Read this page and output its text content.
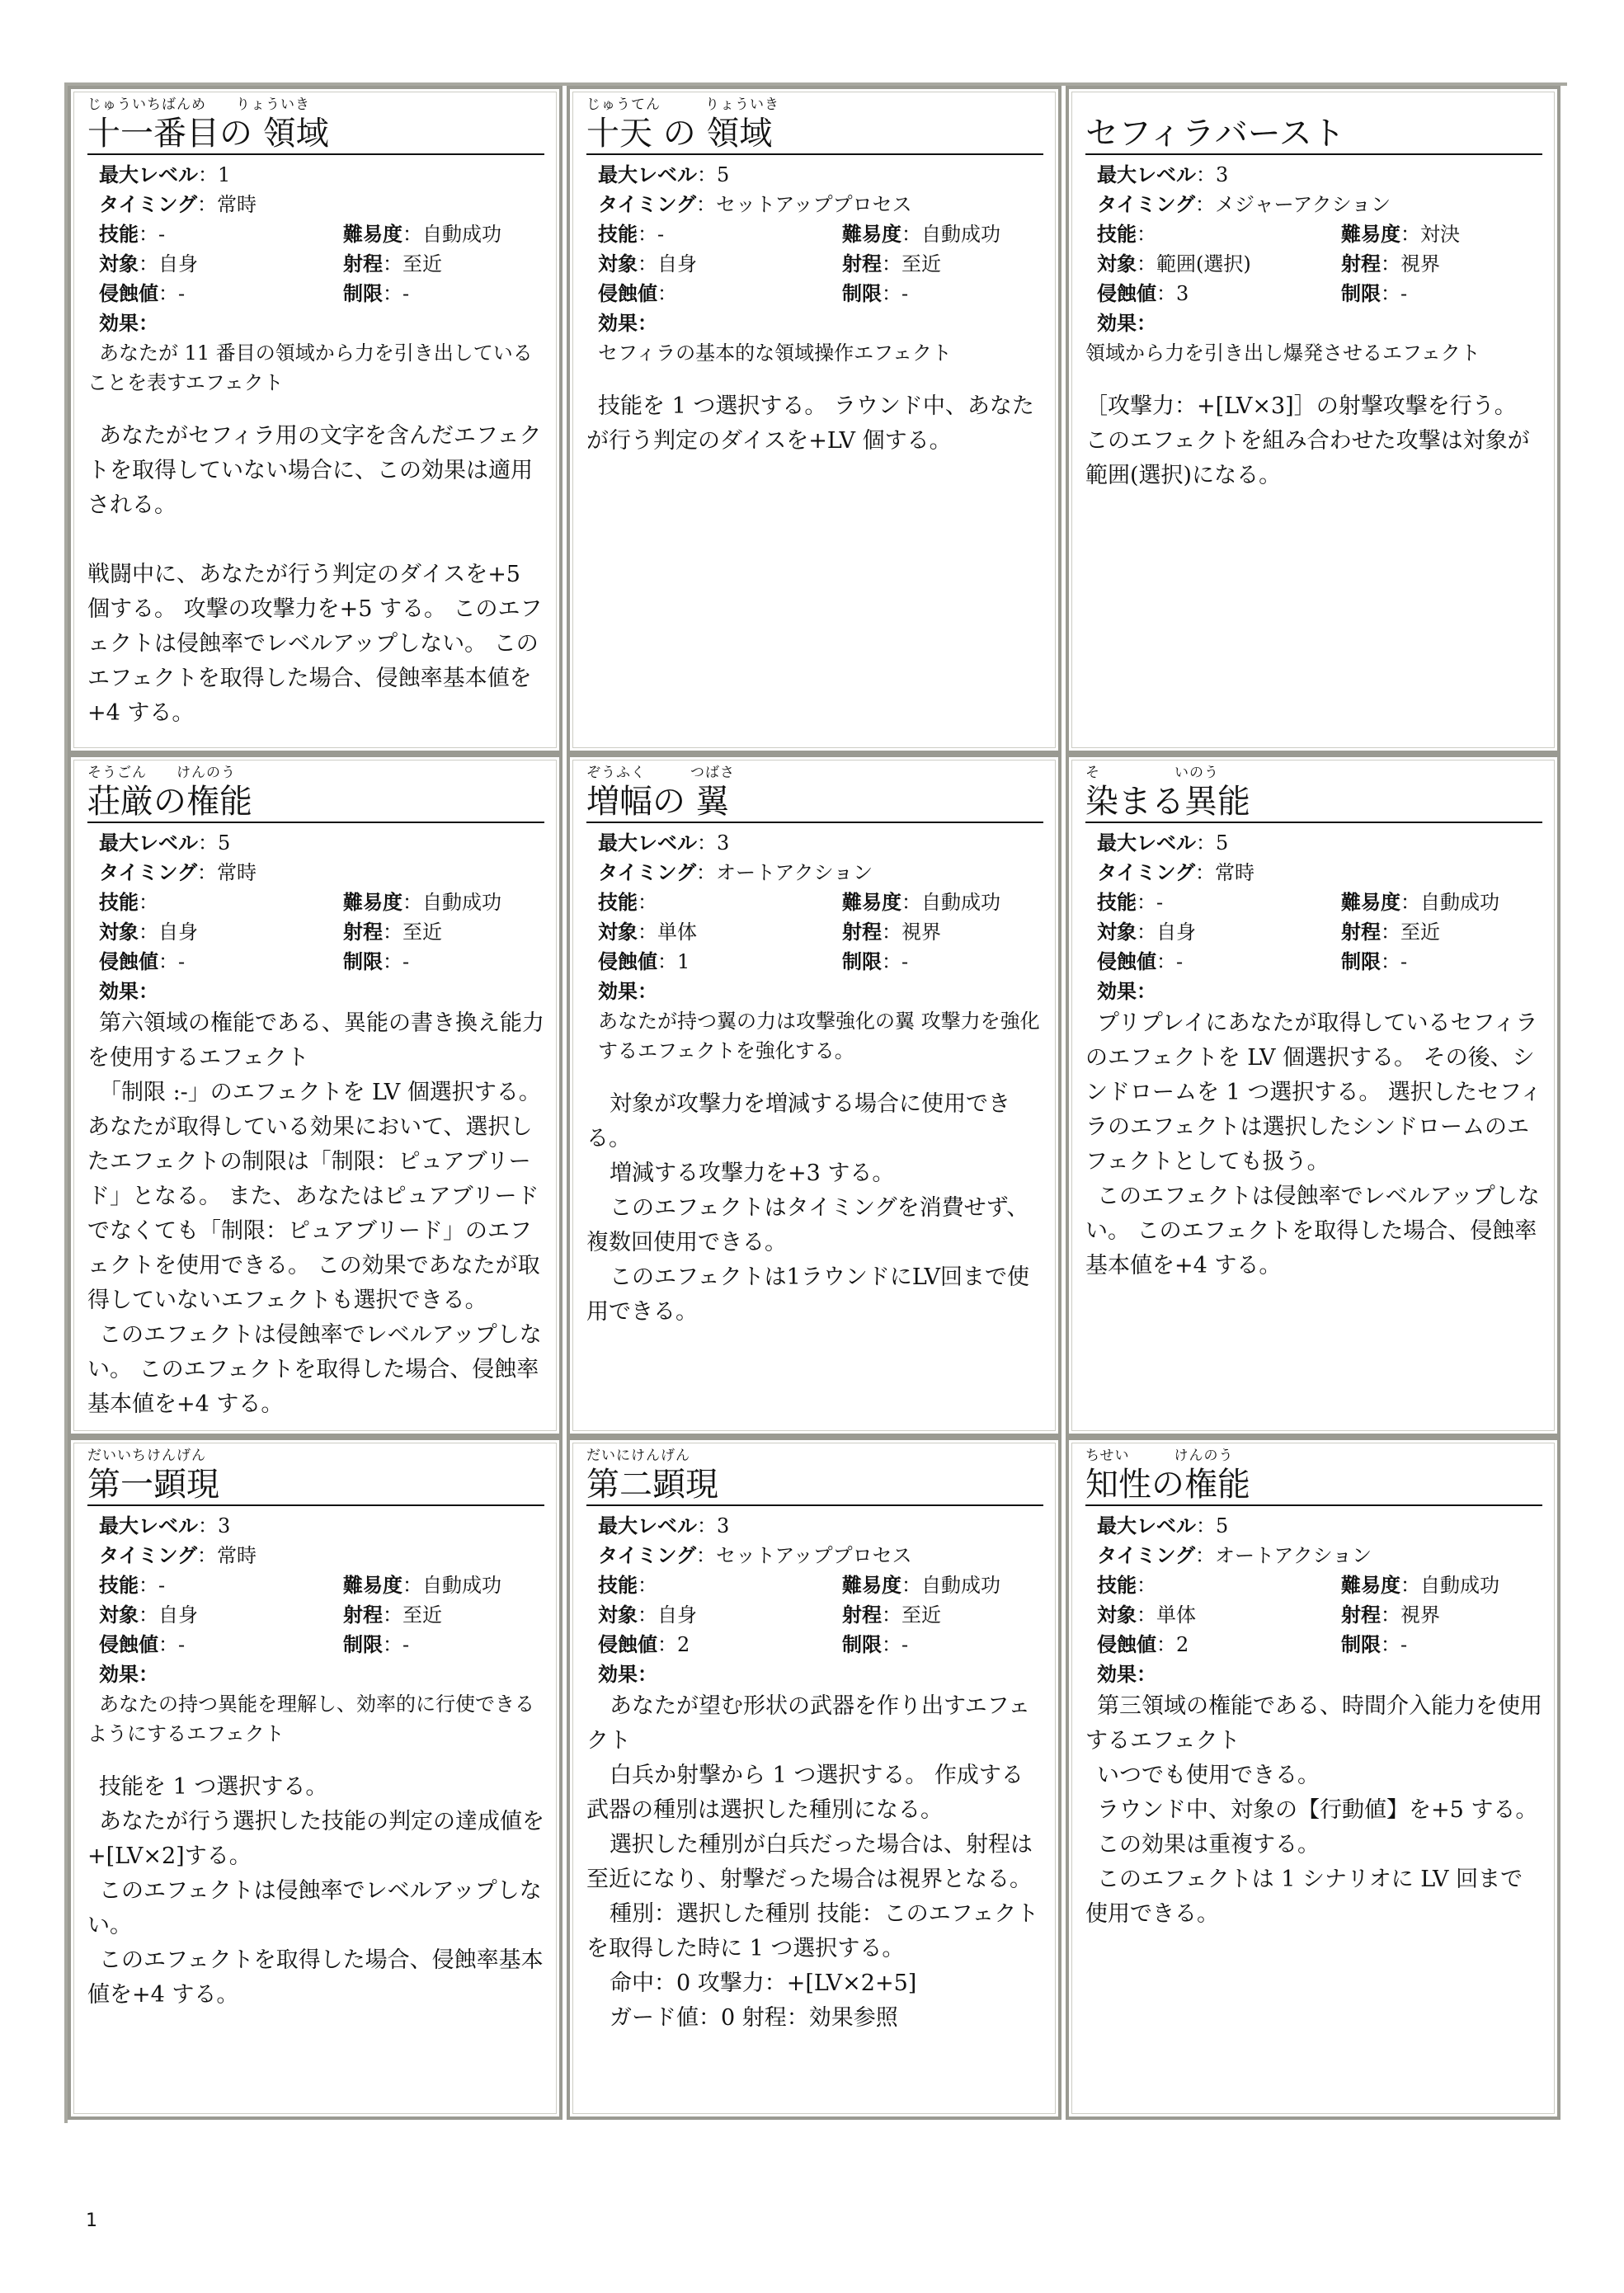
じゅういちばんめ　　りょういき
十一番目の 領域
最大レベル：1
タイミング：常時
技能：-	難易度：自動成功
対象：自身	射程：至近
侵蝕値：-	制限：-
効果：

あなたが 11 番目の領域から力を引き出していることを表すエフェクト

あなたがセフィラ用の文字を含んだエフェクトを取得していない場合に、この効果は適用される。

戦闘中に、あなたが行う判定のダイスを+5 個する。 攻撃の攻撃力を+5 する。 このエフェクトは侵蝕率でレベルアップしない。 このエフェクトを取得した場合、侵蝕率基本値を+4 する。

じゅうてん　　　りょういき
十天 の 領域
最大レベル：5
タイミング：セットアッププロセス
技能：-	難易度：自動成功
対象：自身	射程：至近
侵蝕値：	制限：-
効果：

セフィラの基本的な領域操作エフェクト

技能を 1 つ選択する。 ラウンド中、あなたが行う判定のダイスを+LV 個する。

セフィラバースト
最大レベル：3
タイミング：メジャーアクション
技能：	難易度：対決
対象：範囲(選択)	射程：視界
侵蝕値：3	制限：-
効果：

領域から力を引き出し爆発させるエフェクト

［攻撃力：+[LV×3]］の射撃攻撃を行う。 このエフェクトを組み合わせた攻撃は対象が範囲(選択)になる。

そうごん　　けんのう
荘厳の権能
最大レベル：5
タイミング：常時
技能：	難易度：自動成功
対象：自身	射程：至近
侵蝕値：-	制限：-
効果：

第六領域の権能である、異能の書き換え能力を使用するエフェクト

「制限 :-」のエフェクトを LV 個選択する。 あなたが取得している効果において、選択したエフェクトの制限は「制限：ピュアブリード」となる。 また、あなたはピュアブリードでなくても「制限：ピュアブリード」のエフェクトを使用できる。 この効果であなたが取得していないエフェクトも選択できる。

このエフェクトは侵蝕率でレベルアップしない。 このエフェクトを取得した場合、侵蝕率基本値を+4 する。

ぞうふく　　　つばさ
増幅の 翼
最大レベル：3
タイミング：オートアクション
技能：	難易度：自動成功
対象：単体	射程：視界
侵蝕値：1	制限：-
効果：

あなたが持つ翼の力は攻撃強化の翼 攻撃力を強化するエフェクトを強化する。

対象が攻撃力を増減する場合に使用できる。

増減する攻撃力を+3 する。

このエフェクトはタイミングを消費せず、複数回使用できる。

このエフェクトは1ラウンドにLV回まで使用できる。

そ　　　　　いのう
染まる異能
最大レベル：5
タイミング：常時
技能：-	難易度：自動成功
対象：自身	射程：至近
侵蝕値：-	制限：-
効果：

プリプレイにあなたが取得しているセフィラのエフェクトを LV 個選択する。 その後、シンドロームを 1 つ選択する。 選択したセフィラのエフェクトは選択したシンドロームのエフェクトとしても扱う。

このエフェクトは侵蝕率でレベルアップしない。 このエフェクトを取得した場合、侵蝕率基本値を+4 する。

だいいちけんげん
第一顕現
最大レベル：3
タイミング：常時
技能：-	難易度：自動成功
対象：自身	射程：至近
侵蝕値：-	制限：-
効果：

あなたの持つ異能を理解し、効率的に行使できるようにするエフェクト

技能を 1 つ選択する。

あなたが行う選択した技能の判定の達成値を+[LV×2]する。

このエフェクトは侵蝕率でレベルアップしない。

このエフェクトを取得した場合、侵蝕率基本値を+4 する。

だいにけんげん
第二顕現
最大レベル：3
タイミング：セットアッププロセス
技能：	難易度：自動成功
対象：自身	射程：至近
侵蝕値：2	制限：-
効果：

あなたが望む形状の武器を作り出すエフェクト

白兵か射撃から 1 つ選択する。 作成する武器の種別は選択した種別になる。

選択した種別が白兵だった場合は、射程は至近になり、射撃だった場合は視界となる。

種別：選択した種別 技能：このエフェクトを取得した時に 1 つ選択する。

命中：0 攻撃力：+[LV×2+5]

ガード値：0 射程：効果参照

ちせい　　　けんのう
知性の権能
最大レベル：5
タイミング：オートアクション
技能：	難易度：自動成功
対象：単体	射程：視界
侵蝕値：2	制限：-
効果：

第三領域の権能である、時間介入能力を使用するエフェクト

いつでも使用できる。

ラウンド中、対象の【行動値】を+5 する。

この効果は重複する。

このエフェクトは 1 シナリオに LV 回まで使用できる。

1
